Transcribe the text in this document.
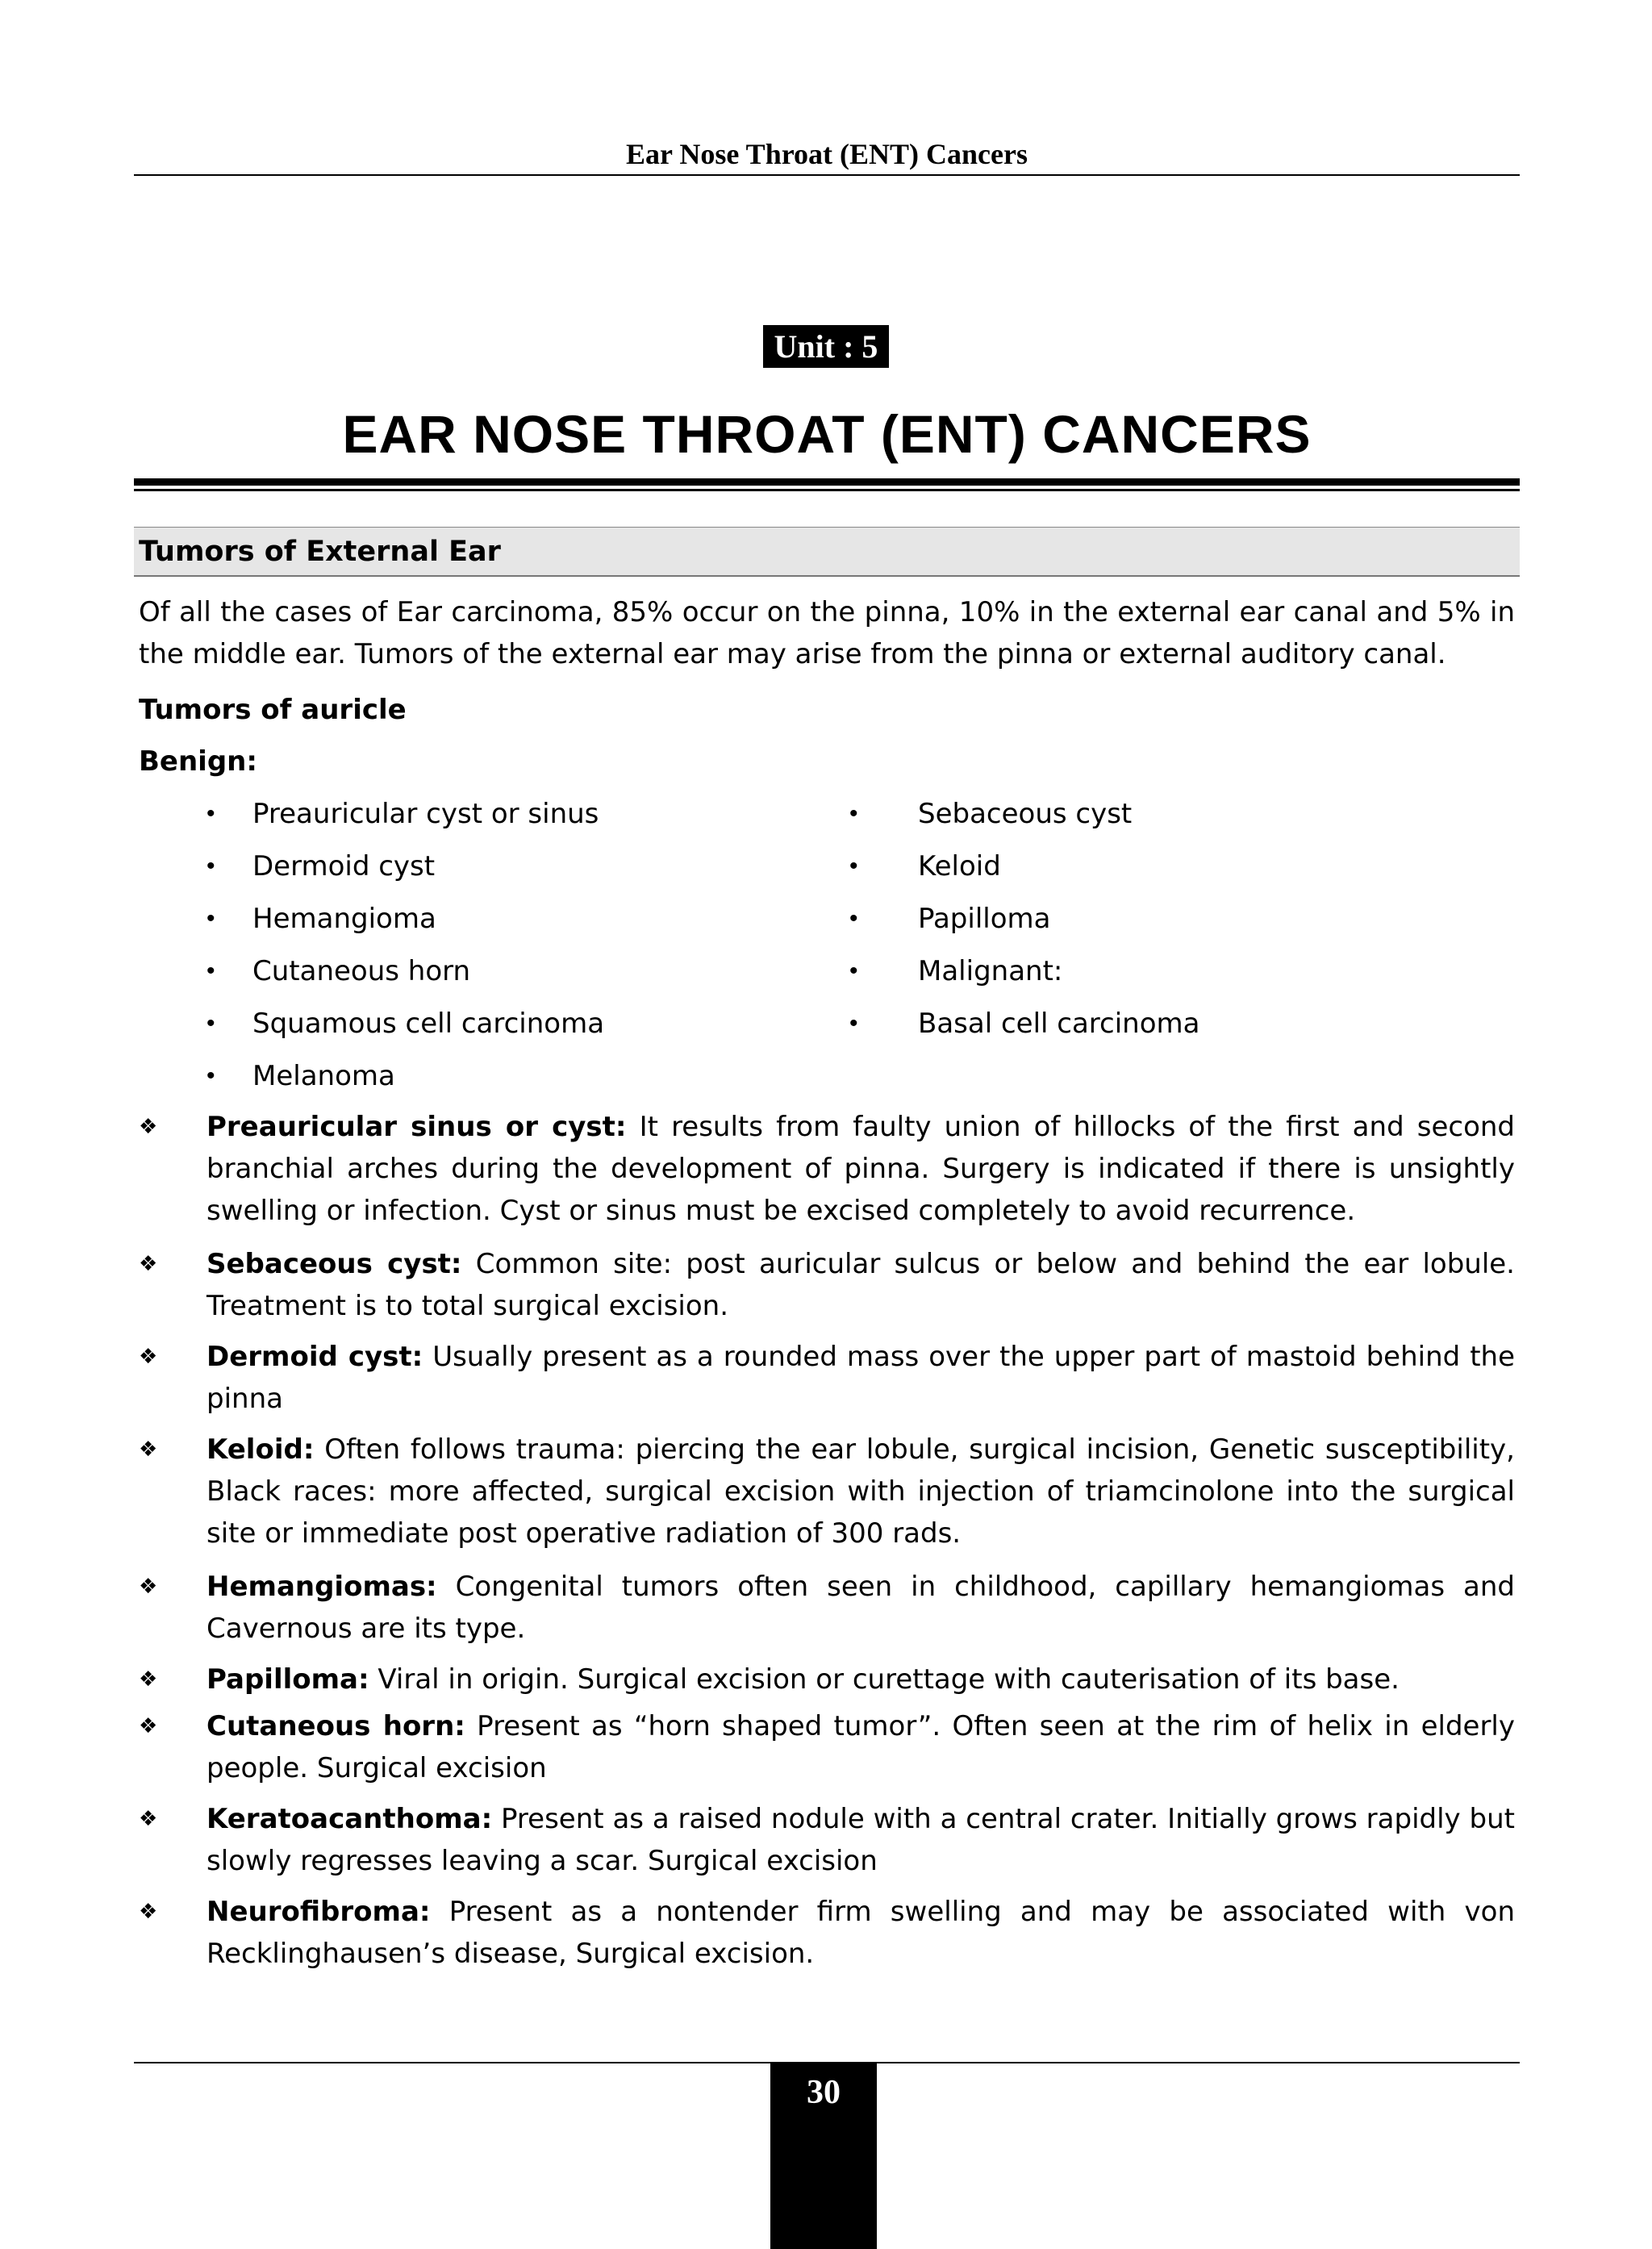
Ear Nose Throat (ENT) Cancers
Unit : 5
EAR NOSE THROAT (ENT) CANCERS
Tumors of External Ear
Of all the cases of Ear carcinoma, 85% occur on the pinna, 10% in the external ear canal and 5% in the middle ear. Tumors of the external ear may arise from the pinna or external auditory canal.
Tumors of auricle
Benign:
• Preauricular cyst or sinus
• Dermoid cyst
• Hemangioma
• Cutaneous horn
• Squamous cell carcinoma
• Melanoma
• Sebaceous cyst
• Keloid
• Papilloma
• Malignant:
• Basal cell carcinoma
❖ Preauricular sinus or cyst: It results from faulty union of hillocks of the first and second branchial arches during the development of pinna. Surgery is indicated if there is unsightly swelling or infection. Cyst or sinus must be excised completely to avoid recurrence.
❖ Sebaceous cyst: Common site: post auricular sulcus or below and behind the ear lobule. Treatment is to total surgical excision.
❖ Dermoid cyst: Usually present as a rounded mass over the upper part of mastoid behind the pinna
❖ Keloid: Often follows trauma: piercing the ear lobule, surgical incision, Genetic susceptibility, Black races: more affected, surgical excision with injection of triamcinolone into the surgical site or immediate post operative radiation of 300 rads.
❖ Hemangiomas: Congenital tumors often seen in childhood, capillary hemangiomas and Cavernous are its type.
❖ Papilloma: Viral in origin. Surgical excision or curettage with cauterisation of its base.
❖ Cutaneous horn: Present as “horn shaped tumor”. Often seen at the rim of helix in elderly people. Surgical excision
❖ Keratoacanthoma: Present as a raised nodule with a central crater. Initially grows rapidly but slowly regresses leaving a scar. Surgical excision
❖ Neurofibroma: Present as a nontender firm swelling and may be associated with von Recklinghausen’s disease, Surgical excision.
30
